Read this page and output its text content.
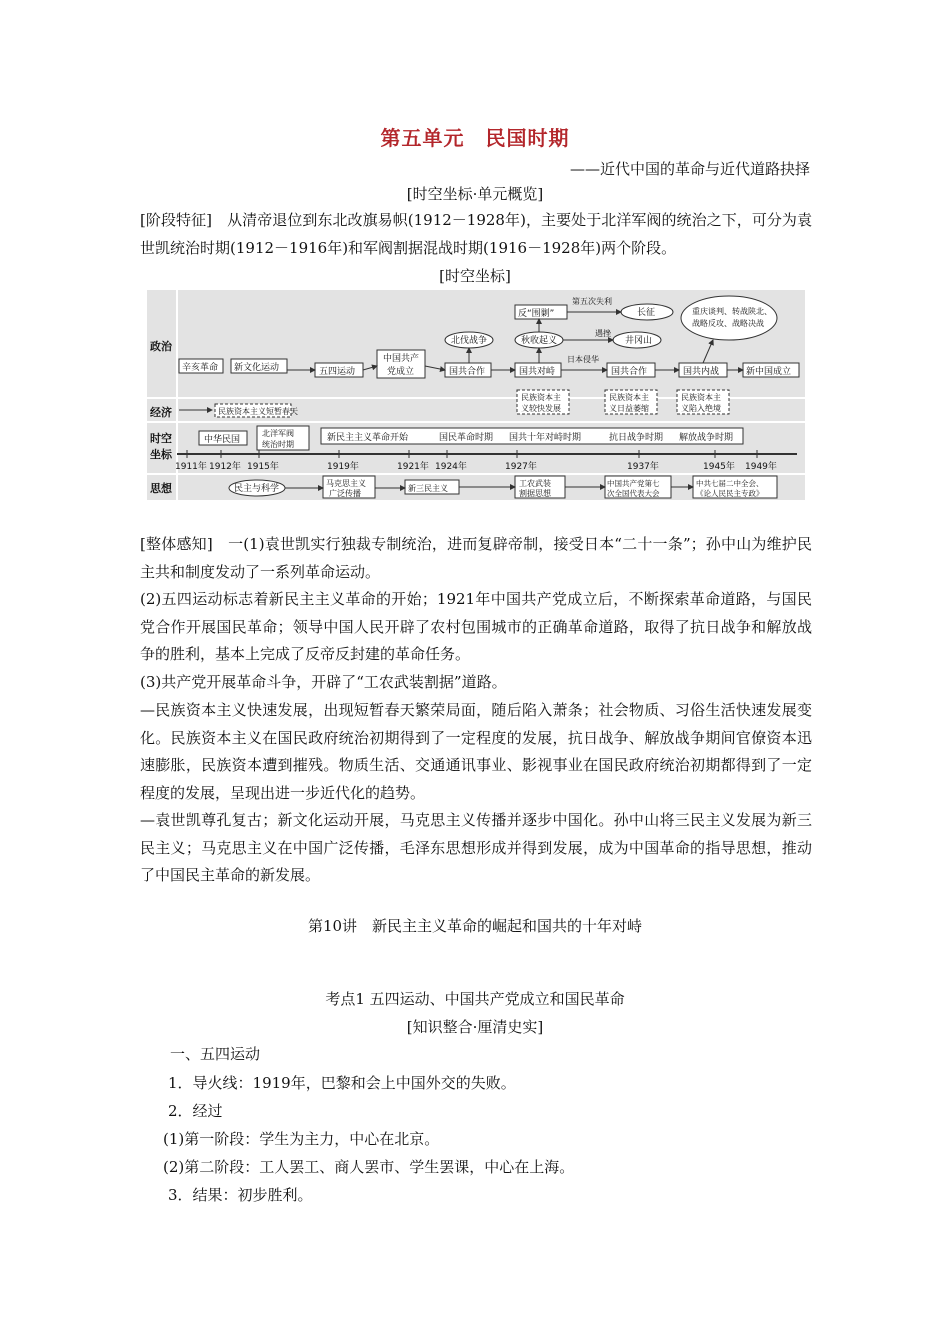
第五单元　民国时期
——近代中国的革命与近代道路抉择
[时空坐标·单元概览]
[阶段特征]　 从清帝退位到东北改旗易帜(1912－1928年)，主要处于北洋军阀的统治之下，可分为袁世凯统治时期(1912－1916年)和军阀割据混战时期(1916－1928年)两个阶段。
[时空坐标]
政治
经济
时空
坐标
思想
辛亥革命 新文化运动	五四运动
中国共产
党成立	国共合作
北伐战争
国共对峙
秋收起义
反“围剿”
第五次失利
长征
遇挫
井冈山
日本侵华
国共合作	国共内战
重庆谈判、转战陕北、
战略反攻、战略决战
新中国成立
民族资本主义短暂春天
民族资本主
义较快发展
民族资本主
义日益萎缩
民族资本主
义陷入绝境
中华民国
北洋军阀
统治时期
新民主主义革命开始	国民革命时期 国共十年对峙时期	抗日战争时期 解放战争时期
1911年 1912年 1915年	1919年	1921年 1924年	1927年	1937年	1945年 1949年
民主与科学
马克思主义
广泛传播
新三民主义
工农武装
割据思想
中国共产党第七
次全国代表大会
中共七届二中全会、
《论人民民主专政》
[整体感知]　 一(1)袁世凯实行独裁专制统治，进而复辟帝制，接受日本“二十一条”；孙中山为维护民主共和制度发动了一系列革命运动。
(2)五四运动标志着新民主主义革命的开始；1921年中国共产党成立后，不断探索革命道路，与国民党合作开展国民革命；领导中国人民开辟了农村包围城市的正确革命道路，取得了抗日战争和解放战争的胜利，基本上完成了反帝反封建的革命任务。
(3)共产党开展革命斗争，开辟了“工农武装割据”道路。
—民族资本主义快速发展，出现短暂春天繁荣局面，随后陷入萧条；社会物质、习俗生活快速发展变化。民族资本主义在国民政府统治初期得到了一定程度的发展，抗日战争、解放战争期间官僚资本迅速膨胀，民族资本遭到摧残。物质生活、交通通讯事业、影视事业在国民政府统治初期都得到了一定程度的发展，呈现出进一步近代化的趋势。
—袁世凯尊孔复古；新文化运动开展，马克思主义传播并逐步中国化。孙中山将三民主义发展为新三民主义；马克思主义在中国广泛传播，毛泽东思想形成并得到发展，成为中国革命的指导思想，推动了中国民主革命的新发展。
第10讲　新民主主义革命的崛起和国共的十年对峙
考点1 五四运动、中国共产党成立和国民革命
[知识整合·厘清史实]
一、五四运动
1．导火线：1919年，巴黎和会上中国外交的失败。
2．经过
(1)第一阶段：学生为主力，中心在北京。
(2)第二阶段：工人罢工、商人罢市、学生罢课，中心在上海。
3．结果：初步胜利。
